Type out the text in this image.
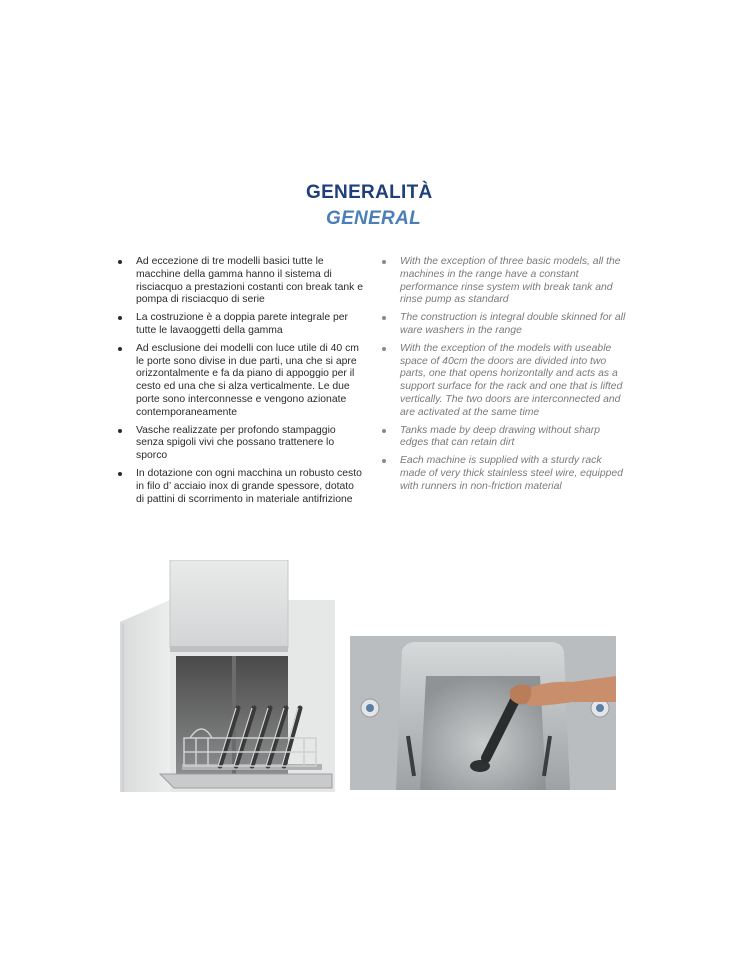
GENERALITÀ
GENERAL
Ad eccezione di tre modelli basici tutte le macchine della gamma hanno il sistema di risciacquo a prestazioni costanti con break tank e pompa di risciacquo di serie
La costruzione è a doppia parete integrale per tutte le lavaoggetti della gamma
Ad esclusione dei modelli con luce utile di 40 cm le porte sono divise in due parti, una che si apre orizzontalmente e fa da piano di appoggio per il cesto ed una che si alza verticalmente. Le due porte sono interconnesse e vengono azionate contemporaneamente
Vasche realizzate per profondo stampaggio senza spigoli vivi che possano trattenere lo sporco
In dotazione con ogni macchina un robusto cesto in filo d’ acciaio inox di grande spessore, dotato di pattini di scorrimento in materiale antifrizione
With the exception of three basic models, all the machines in the range have a constant performance rinse system with break tank and rinse pump as standard
The construction is integral double skinned for all ware washers in the range
With the exception of the models with useable space of 40cm the doors are divided into two parts, one that opens horizontally and acts as a support surface for the rack and one that is lifted vertically. The two doors are interconnected and are activated at the same time
Tanks made by deep drawing without sharp edges that can retain dirt
Each machine is supplied with a sturdy rack made of very thick stainless steel wire, equipped with runners in non-friction material
